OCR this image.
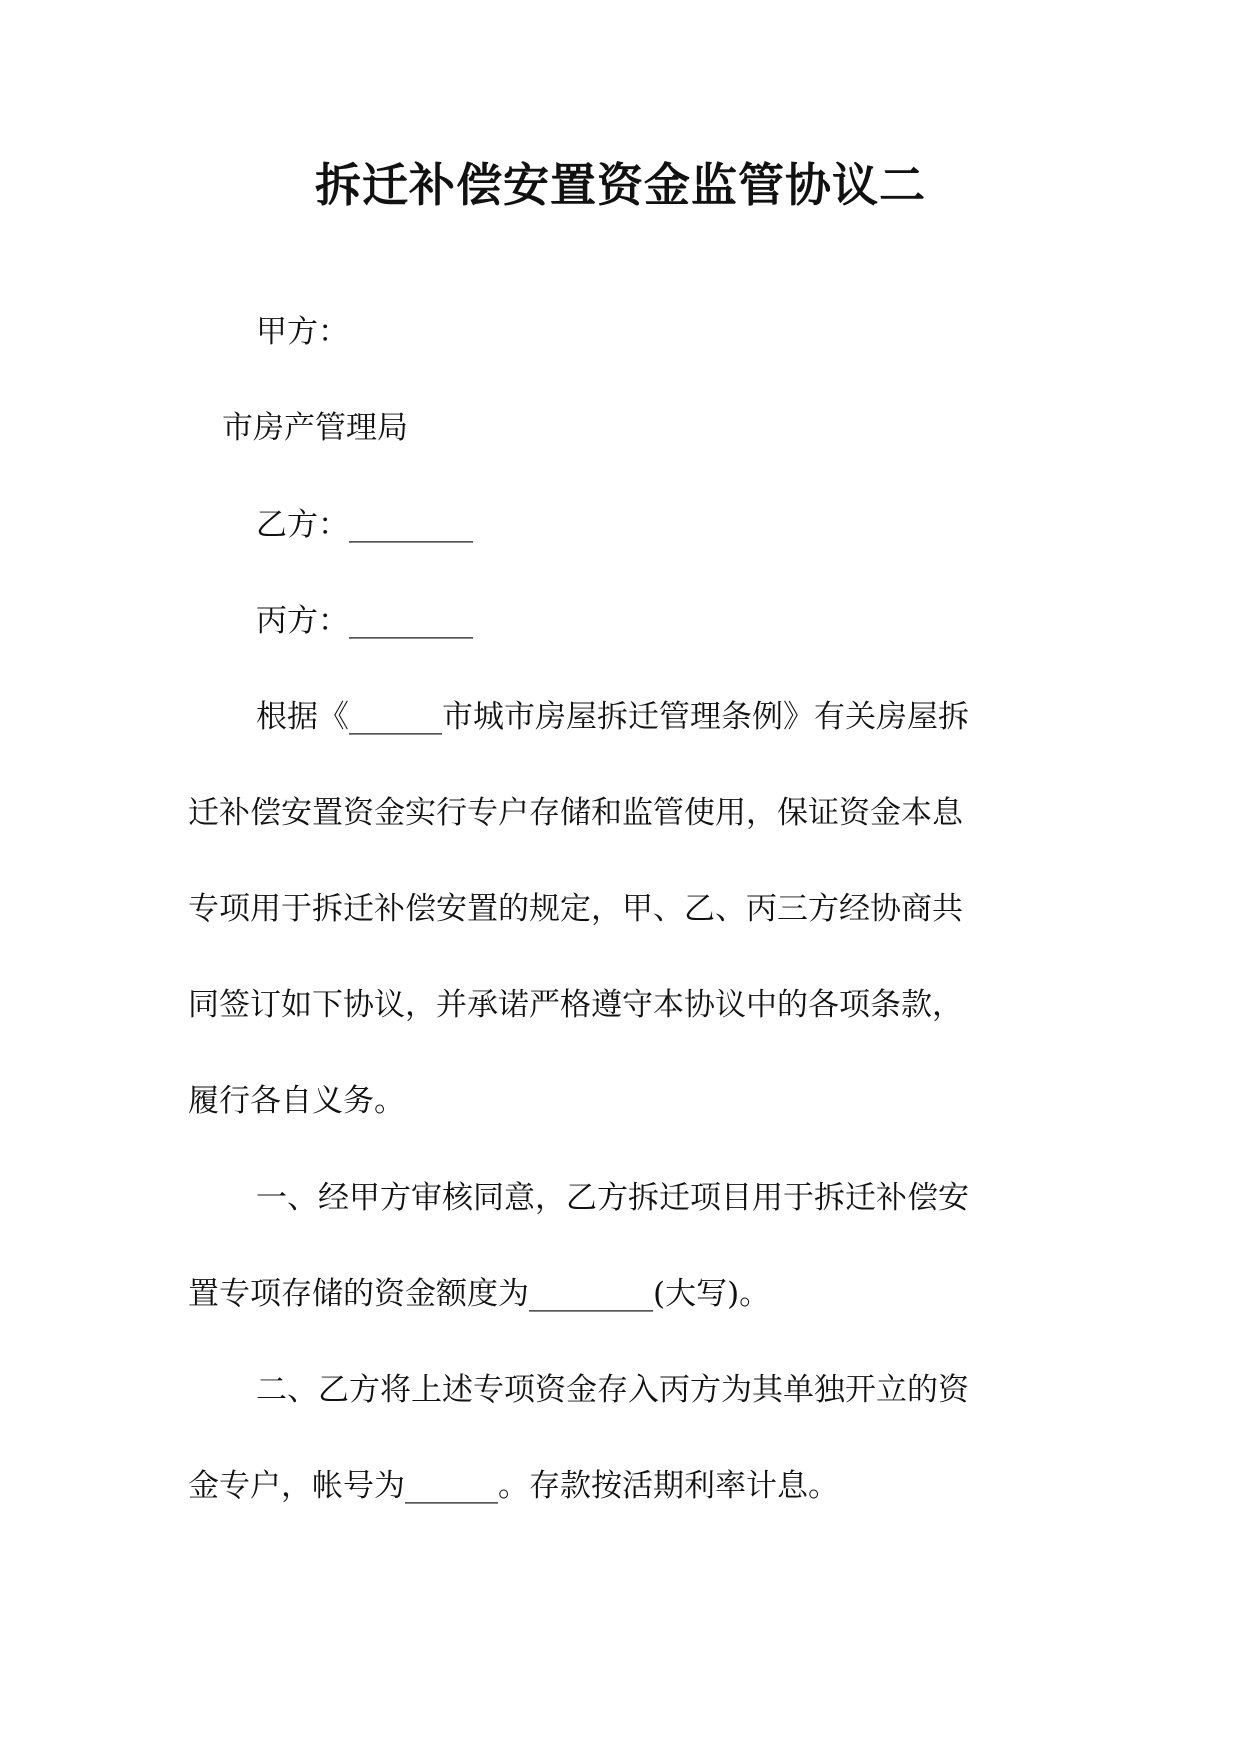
拆迁补偿安置资金监管协议二

甲方：

市房产管理局

乙方：________

丙方：________

根据《______市城市房屋拆迁管理条例》有关房屋拆

迁补偿安置资金实行专户存储和监管使用，保证资金本息

专项用于拆迁补偿安置的规定，甲、乙、丙三方经协商共

同签订如下协议，并承诺严格遵守本协议中的各项条款，

履行各自义务。

一、经甲方审核同意，乙方拆迁项目用于拆迁补偿安

置专项存储的资金额度为________(大写)。

二、乙方将上述专项资金存入丙方为其单独开立的资

金专户，帐号为______。存款按活期利率计息。
